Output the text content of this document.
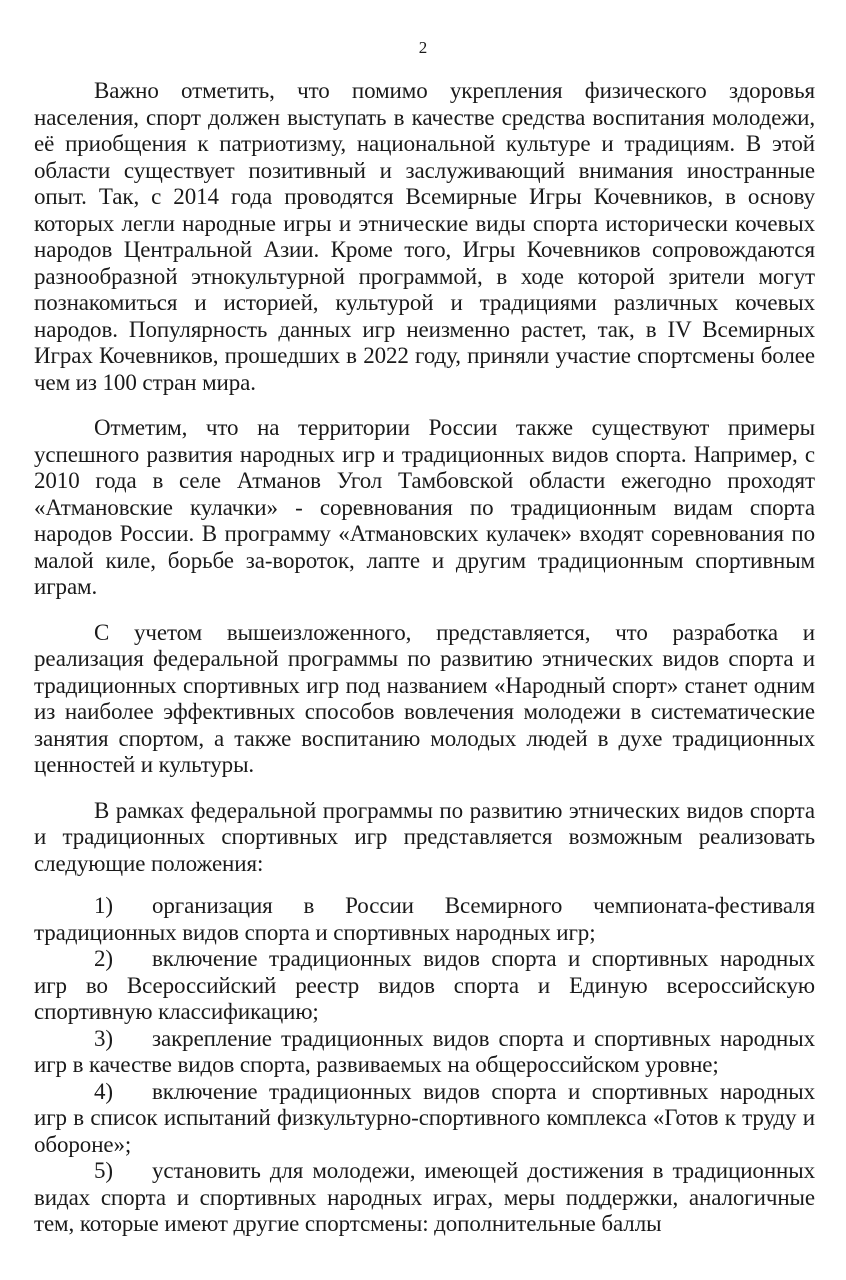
2

Важно отметить, что помимо укрепления физического здоровья населения, спорт должен выступать в качестве средства воспитания молодежи, её приобщения к патриотизму, национальной культуре и традициям. В этой области существует позитивный и заслуживающий внимания иностранные опыт. Так, с 2014 года проводятся Всемирные Игры Кочевников, в основу которых легли народные игры и этнические виды спорта исторически кочевых народов Центральной Азии. Кроме того, Игры Кочевников сопровождаются разнообразной этнокультурной программой, в ходе которой зрители могут познакомиться и историей, культурой и традициями различных кочевых народов. Популярность данных игр неизменно растет, так, в IV Всемирных Играх Кочевников, прошедших в 2022 году, приняли участие спортсмены более чем из 100 стран мира.

Отметим, что на территории России также существуют примеры успешного развития народных игр и традиционных видов спорта. Например, с 2010 года в селе Атманов Угол Тамбовской области ежегодно проходят «Атмановские кулачки» - соревнования по традиционным видам спорта народов России. В программу «Атмановских кулачек» входят соревнования по малой киле, борьбе за-вороток, лапте и другим традиционным спортивным играм.

С учетом вышеизложенного, представляется, что разработка и реализация федеральной программы по развитию этнических видов спорта и традиционных спортивных игр под названием «Народный спорт» станет одним из наиболее эффективных способов вовлечения молодежи в систематические занятия спортом, а также воспитанию молодых людей в духе традиционных ценностей и культуры.

В рамках федеральной программы по развитию этнических видов спорта и традиционных спортивных игр представляется возможным реализовать следующие положения:

1) организация в России Всемирного чемпионата-фестиваля традиционных видов спорта и спортивных народных игр;

2) включение традиционных видов спорта и спортивных народных игр во Всероссийский реестр видов спорта и Единую всероссийскую спортивную классификацию;

3) закрепление традиционных видов спорта и спортивных народных игр в качестве видов спорта, развиваемых на общероссийском уровне;

4) включение традиционных видов спорта и спортивных народных игр в список испытаний физкультурно-спортивного комплекса «Готов к труду и обороне»;

5) установить для молодежи, имеющей достижения в традиционных видах спорта и спортивных народных играх, меры поддержки, аналогичные тем, которые имеют другие спортсмены: дополнительные баллы
